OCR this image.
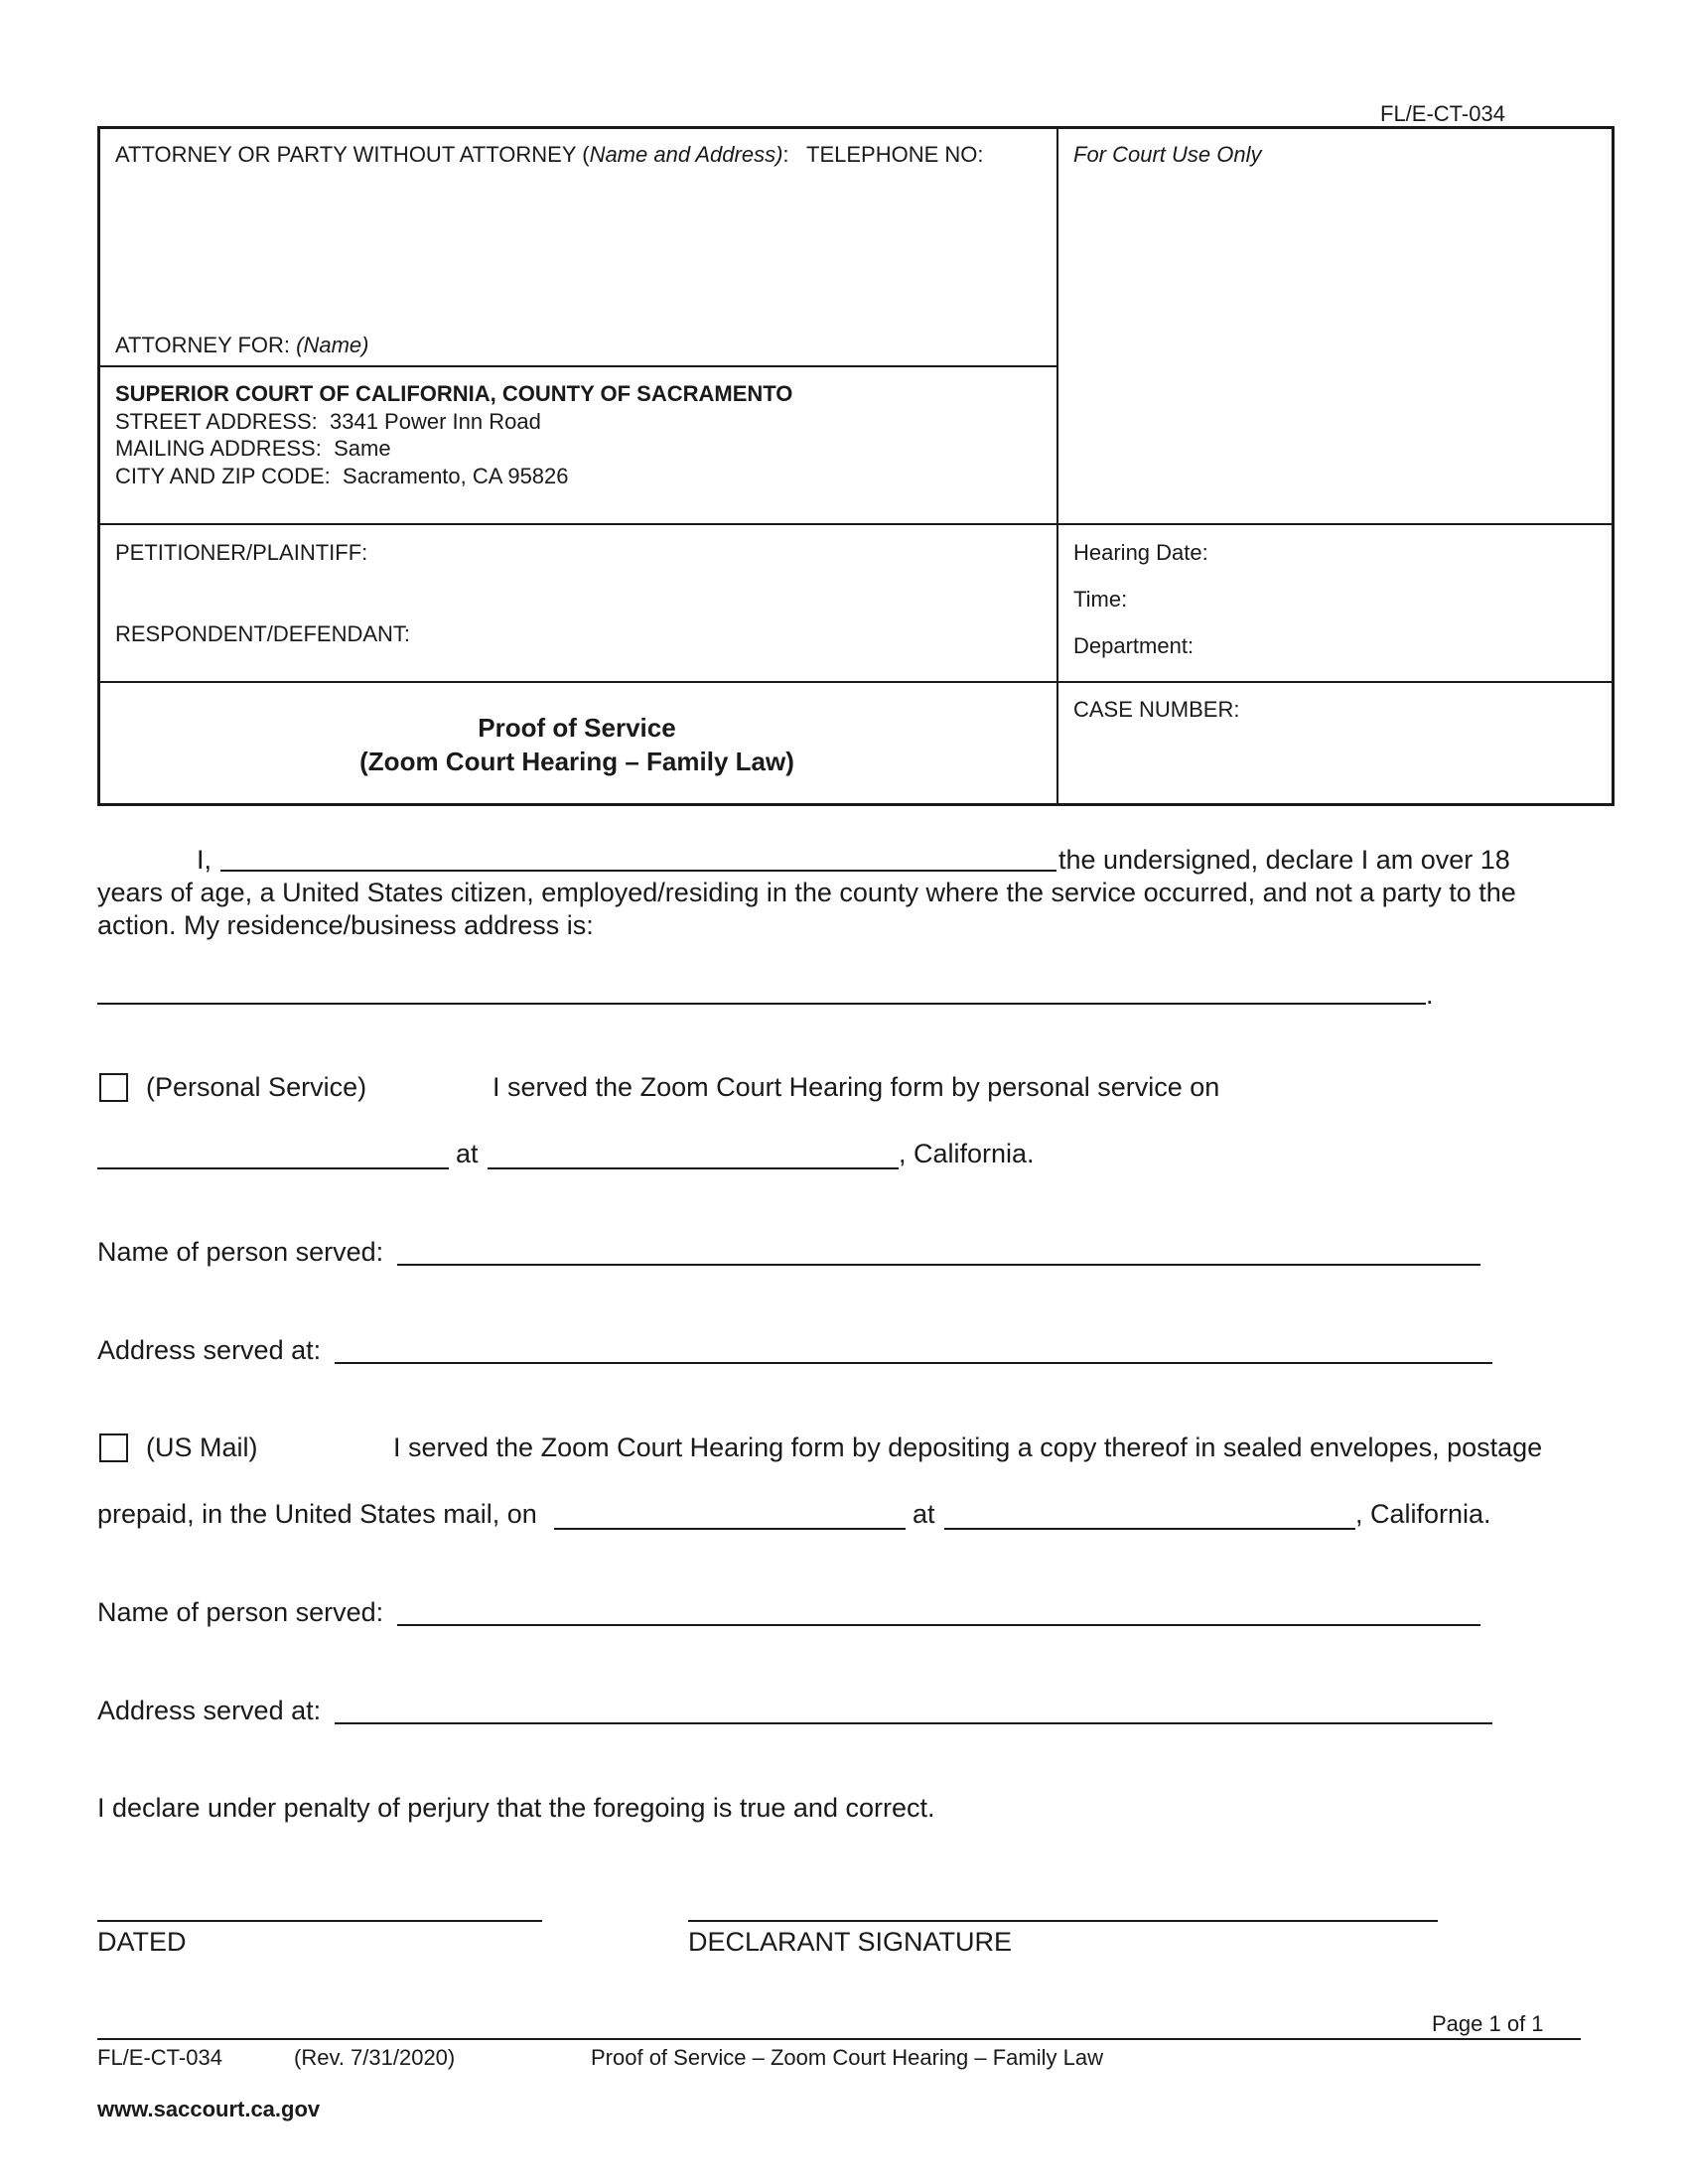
FL/E-CT-034
ATTORNEY OR PARTY WITHOUT ATTORNEY (Name and Address): TELEPHONE NO:
ATTORNEY FOR: (Name)
For Court Use Only
SUPERIOR COURT OF CALIFORNIA, COUNTY OF SACRAMENTO
STREET ADDRESS: 3341 Power Inn Road
MAILING ADDRESS: Same
CITY AND ZIP CODE: Sacramento, CA 95826
PETITIONER/PLAINTIFF:
RESPONDENT/DEFENDANT:
Hearing Date:
Time:
Department:
Proof of Service
(Zoom Court Hearing – Family Law)
CASE NUMBER:
I,	the undersigned, declare I am over 18
years of age, a United States citizen, employed/residing in the county where the service occurred, and not a party to the
action. My residence/business address is:
.
(Personal Service)	I served the Zoom Court Hearing form by personal service on
at	, California.
Name of person served:
Address served at:
(US Mail)	I served the Zoom Court Hearing form by depositing a copy thereof in sealed envelopes, postage
prepaid, in the United States mail, on	at	, California.
Name of person served:
Address served at:
I declare under penalty of perjury that the foregoing is true and correct.
DATED	DECLARANT SIGNATURE
Page 1 of 1
FL/E-CT-034	(Rev. 7/31/2020)	Proof of Service – Zoom Court Hearing – Family Law
www.saccourt.ca.gov
